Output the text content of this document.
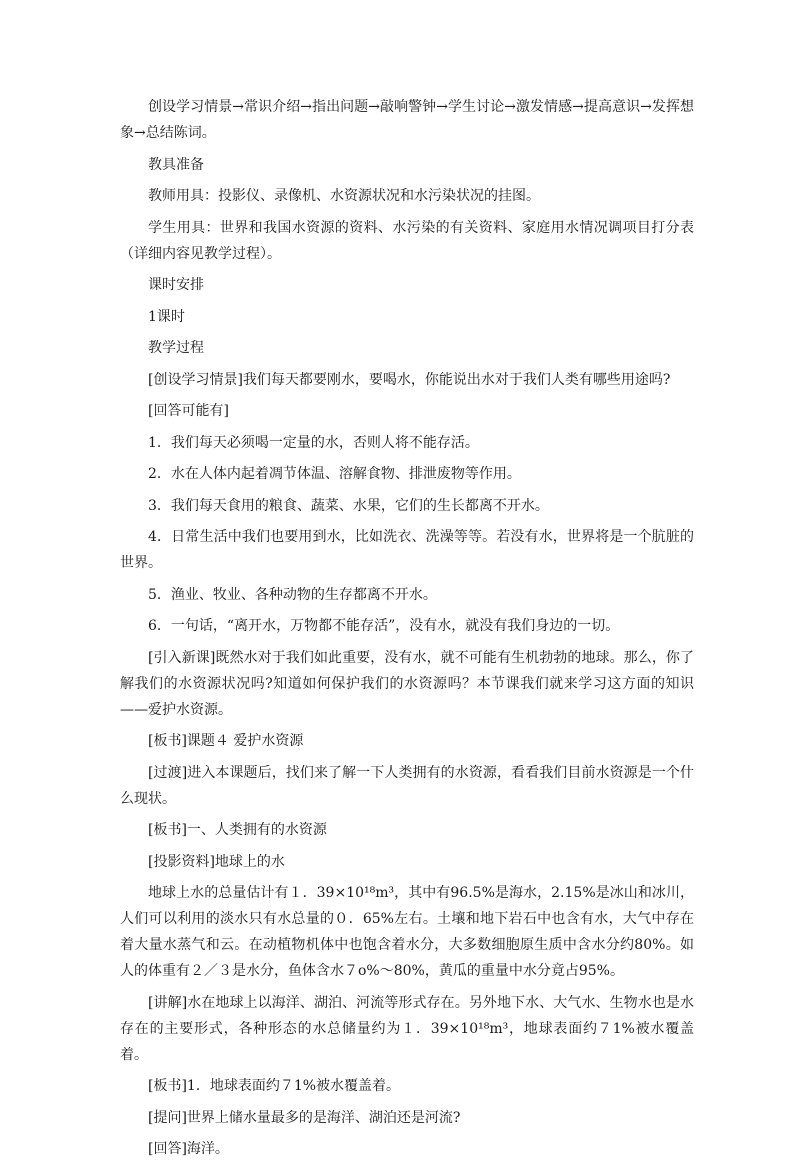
创设学习情景→常识介绍→指出问题→敲响警钟→学生讨论→激发情感→提高意识→发挥想象→总结陈词。

教具准备

教师用具：投影仪、录像机、水资源状况和水污染状况的挂图。

学生用具：世界和我国水资源的资料、水污染的有关资料、家庭用水情况调项目打分表（详细内容见教学过程）。

课时安排

1课时

教学过程

[创设学习情景]我们每天都要刚水，要喝水，你能说出水对于我们人类有哪些用途吗?

[回答可能有]

1．我们每天必须喝一定量的水，否则人将不能存活。

2．水在人体内起着凋节体温、溶解食物、排泄废物等作用。

3．我们每天食用的粮食、蔬菜、水果，它们的生长都离不开水。

4．日常生活中我们也要用到水，比如洗衣、洗澡等等。若没有水，世界将是一个肮脏的世界。

5．渔业、牧业、各种动物的生存都离不开水。

6．一句话，“离开水，万物都不能存活”，没有水，就没有我们身边的一切。

[引入新课]既然水对于我们如此重要，没有水，就不可能有生机勃勃的地球。那么，你了解我们的水资源状况吗?知道如何保护我们的水资源吗？本节课我们就来学习这方面的知识——爱护水资源。

[板书]课题４ 爱护水资源

[过渡]进入本课题后，找们来了解一下人类拥有的水资源，看看我们目前水资源是一个什么现状。

[板书]一、人类拥有的水资源

[投影资料]地球上的水

地球上水的总量估计有１．39×10¹⁸m³，其中有96.5%是海水，2.15%是冰山和冰川，人们可以利用的淡水只有水总量的０．65%左右。土壤和地下岩石中也含有水，大气中存在着大量水蒸气和云。在动植物机体中也饱含着水分，大多数细胞原生质中含水分约80%。如人的体重有２／３是水分，鱼体含水７o%～80%，黄瓜的重量中水分竟占95%。

[讲解]水在地球上以海洋、湖泊、河流等形式存在。另外地下水、大气水、生物水也是水存在的主要形式，各种形态的水总储量约为１．39×10¹⁸m³，地球表面约７1%被水覆盖着。

[板书]1．地球表面约７1%被水覆盖着。

[提问]世界上储水量最多的是海洋、湖泊还是河流?

[回答]海洋。
